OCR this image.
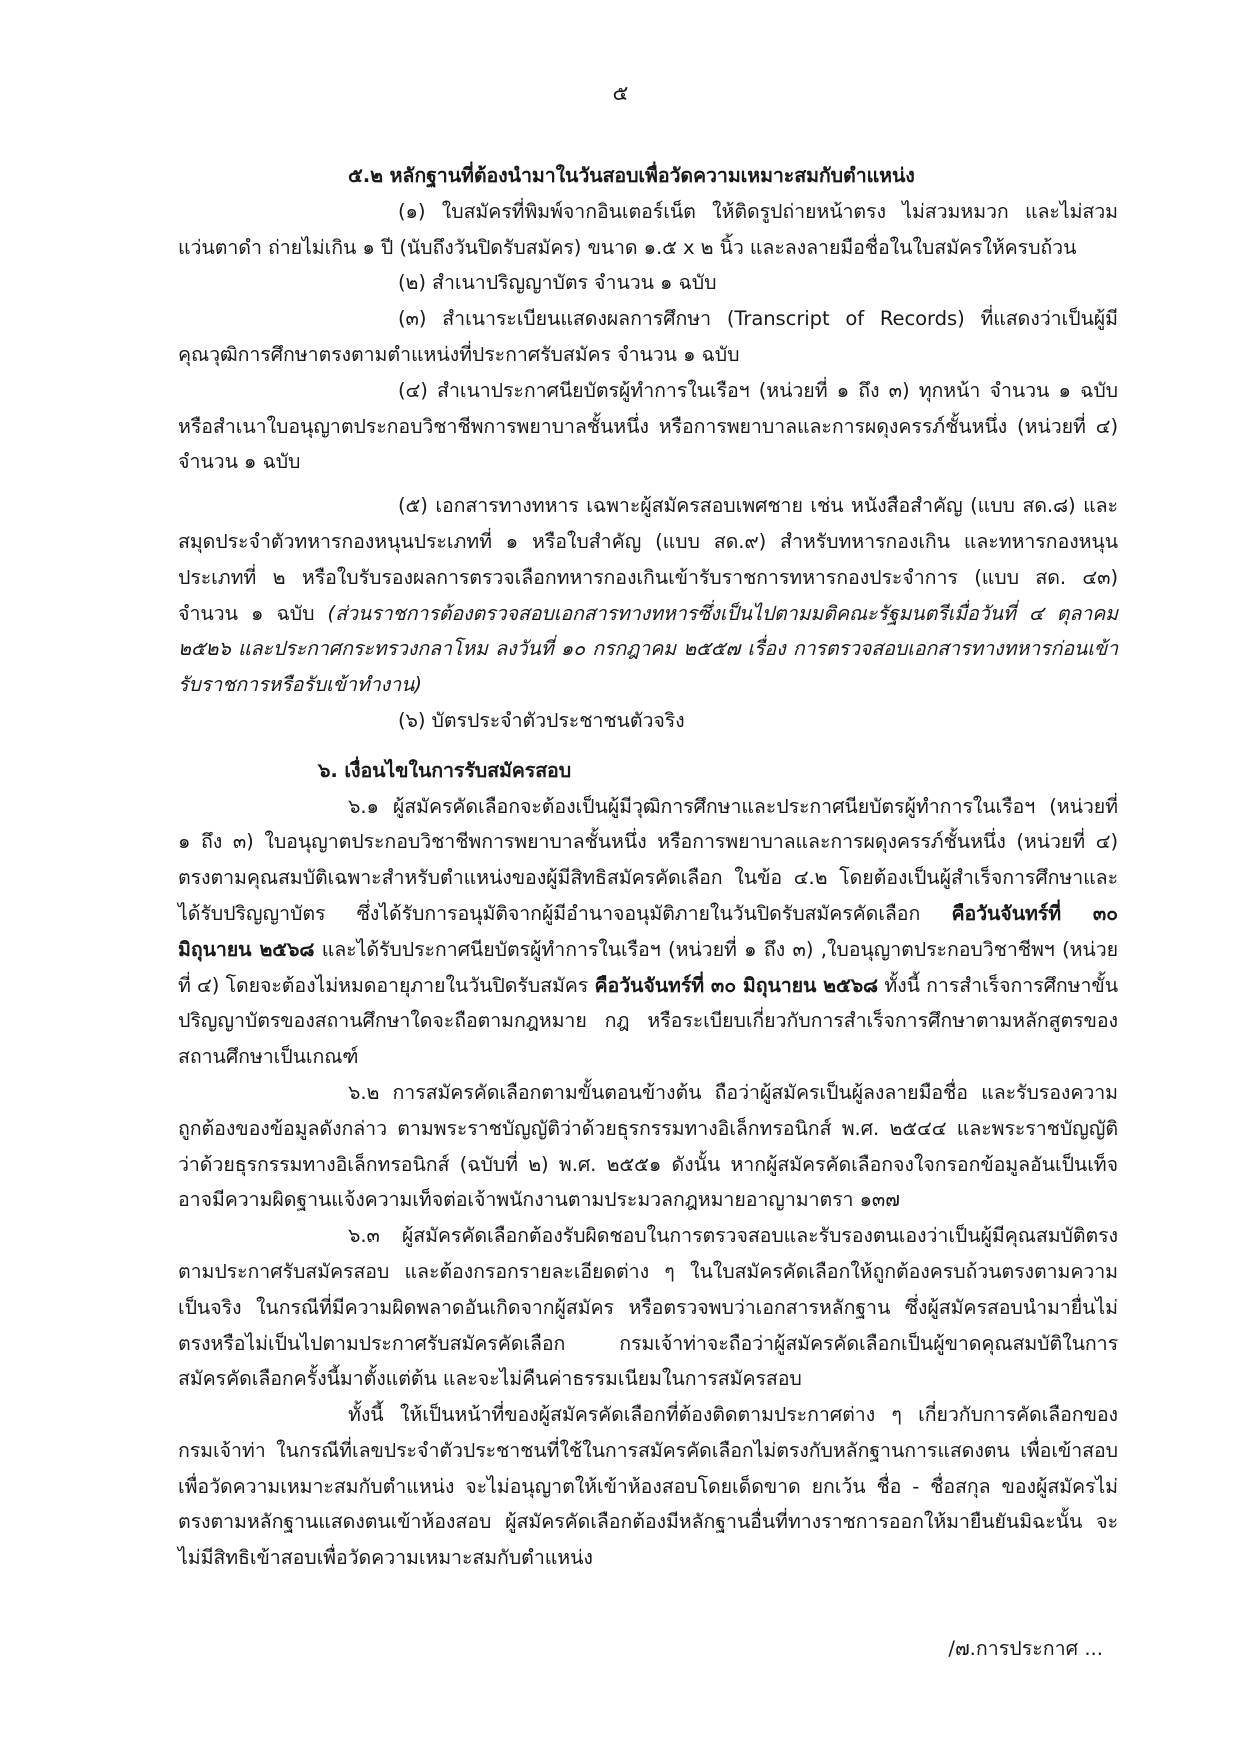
๕

๕.๒ หลักฐานที่ต้องนำมาในวันสอบเพื่อวัดความเหมาะสมกับตำแหน่ง

(๑) ใบสมัครที่พิมพ์จากอินเตอร์เน็ต ให้ติดรูปถ่ายหน้าตรง ไม่สวมหมวก และไม่สวมแว่นตาดำ ถ่ายไม่เกิน ๑ ปี (นับถึงวันปิดรับสมัคร) ขนาด ๑.๕ x ๒ นิ้ว และลงลายมือชื่อในใบสมัครให้ครบถ้วน

(๒) สำเนาปริญญาบัตร จำนวน ๑ ฉบับ

(๓) สำเนาระเบียนแสดงผลการศึกษา (Transcript of Records) ที่แสดงว่าเป็นผู้มีคุณวุฒิการศึกษาตรงตามตำแหน่งที่ประกาศรับสมัคร จำนวน ๑ ฉบับ

(๔) สำเนาประกาศนียบัตรผู้ทำการในเรือฯ (หน่วยที่ ๑ ถึง ๓) ทุกหน้า จำนวน ๑ ฉบับ หรือสำเนาใบอนุญาตประกอบวิชาชีพการพยาบาลชั้นหนึ่ง หรือการพยาบาลและการผดุงครรภ์ชั้นหนึ่ง (หน่วยที่ ๔) จำนวน ๑ ฉบับ

(๕) เอกสารทางทหาร เฉพาะผู้สมัครสอบเพศชาย เช่น หนังสือสำคัญ (แบบ สด.๘) และสมุดประจำตัวทหารกองหนุนประเภทที่ ๑ หรือใบสำคัญ (แบบ สด.๙) สำหรับทหารกองเกิน และทหารกองหนุนประเภทที่ ๒ หรือใบรับรองผลการตรวจเลือกทหารกองเกินเข้ารับราชการทหารกองประจำการ (แบบ สด. ๔๓) จำนวน ๑ ฉบับ (ส่วนราชการต้องตรวจสอบเอกสารทางทหารซึ่งเป็นไปตามมติคณะรัฐมนตรีเมื่อวันที่ ๔ ตุลาคม ๒๕๒๖ และประกาศกระทรวงกลาโหม ลงวันที่ ๑๐ กรกฎาคม ๒๕๕๗ เรื่อง การตรวจสอบเอกสารทางทหารก่อนเข้ารับราชการหรือรับเข้าทำงาน)

(๖) บัตรประจำตัวประชาชนตัวจริง

๖. เงื่อนไขในการรับสมัครสอบ

๖.๑ ผู้สมัครคัดเลือกจะต้องเป็นผู้มีวุฒิการศึกษาและประกาศนียบัตรผู้ทำการในเรือฯ (หน่วยที่ ๑ ถึง ๓) ใบอนุญาตประกอบวิชาชีพการพยาบาลชั้นหนึ่ง หรือการพยาบาลและการผดุงครรภ์ชั้นหนึ่ง (หน่วยที่ ๔) ตรงตามคุณสมบัติเฉพาะสำหรับตำแหน่งของผู้มีสิทธิสมัครคัดเลือก ในข้อ ๔.๒ โดยต้องเป็นผู้สำเร็จการศึกษาและได้รับปริญญาบัตร ซึ่งได้รับการอนุมัติจากผู้มีอำนาจอนุมัติภายในวันปิดรับสมัครคัดเลือก คือวันจันทร์ที่ ๓๐ มิถุนายน ๒๕๖๘ และได้รับประกาศนียบัตรผู้ทำการในเรือฯ (หน่วยที่ ๑ ถึง ๓) ,ใบอนุญาตประกอบวิชาชีพฯ (หน่วยที่ ๔) โดยจะต้องไม่หมดอายุภายในวันปิดรับสมัคร คือวันจันทร์ที่ ๓๐ มิถุนายน ๒๕๖๘ ทั้งนี้ การสำเร็จการศึกษาขั้นปริญญาบัตรของสถานศึกษาใดจะถือตามกฎหมาย กฎ หรือระเบียบเกี่ยวกับการสำเร็จการศึกษาตามหลักสูตรของสถานศึกษาเป็นเกณฑ์

๖.๒ การสมัครคัดเลือกตามขั้นตอนข้างต้น ถือว่าผู้สมัครเป็นผู้ลงลายมือชื่อ และรับรองความถูกต้องของข้อมูลดังกล่าว ตามพระราชบัญญัติว่าด้วยธุรกรรมทางอิเล็กทรอนิกส์ พ.ศ. ๒๕๔๔ และพระราชบัญญัติว่าด้วยธุรกรรมทางอิเล็กทรอนิกส์ (ฉบับที่ ๒) พ.ศ. ๒๕๕๑ ดังนั้น หากผู้สมัครคัดเลือกจงใจกรอกข้อมูลอันเป็นเท็จอาจมีความผิดฐานแจ้งความเท็จต่อเจ้าพนักงานตามประมวลกฎหมายอาญามาตรา ๑๓๗

๖.๓ ผู้สมัครคัดเลือกต้องรับผิดชอบในการตรวจสอบและรับรองตนเองว่าเป็นผู้มีคุณสมบัติตรงตามประกาศรับสมัครสอบ และต้องกรอกรายละเอียดต่าง ๆ ในใบสมัครคัดเลือกให้ถูกต้องครบถ้วนตรงตามความเป็นจริง ในกรณีที่มีความผิดพลาดอันเกิดจากผู้สมัคร หรือตรวจพบว่าเอกสารหลักฐาน ซึ่งผู้สมัครสอบนำมายื่นไม่ตรงหรือไม่เป็นไปตามประกาศรับสมัครคัดเลือก กรมเจ้าท่าจะถือว่าผู้สมัครคัดเลือกเป็นผู้ขาดคุณสมบัติในการสมัครคัดเลือกครั้งนี้มาตั้งแต่ต้น และจะไม่คืนค่าธรรมเนียมในการสมัครสอบ

ทั้งนี้ ให้เป็นหน้าที่ของผู้สมัครคัดเลือกที่ต้องติดตามประกาศต่าง ๆ เกี่ยวกับการคัดเลือกของกรมเจ้าท่า ในกรณีที่เลขประจำตัวประชาชนที่ใช้ในการสมัครคัดเลือกไม่ตรงกับหลักฐานการแสดงตน เพื่อเข้าสอบเพื่อวัดความเหมาะสมกับตำแหน่ง จะไม่อนุญาตให้เข้าห้องสอบโดยเด็ดขาด ยกเว้น ชื่อ - ชื่อสกุล ของผู้สมัครไม่ตรงตามหลักฐานแสดงตนเข้าห้องสอบ ผู้สมัครคัดเลือกต้องมีหลักฐานอื่นที่ทางราชการออกให้มายืนยันมิฉะนั้น จะไม่มีสิทธิเข้าสอบเพื่อวัดความเหมาะสมกับตำแหน่ง

/๗.การประกาศ ...
